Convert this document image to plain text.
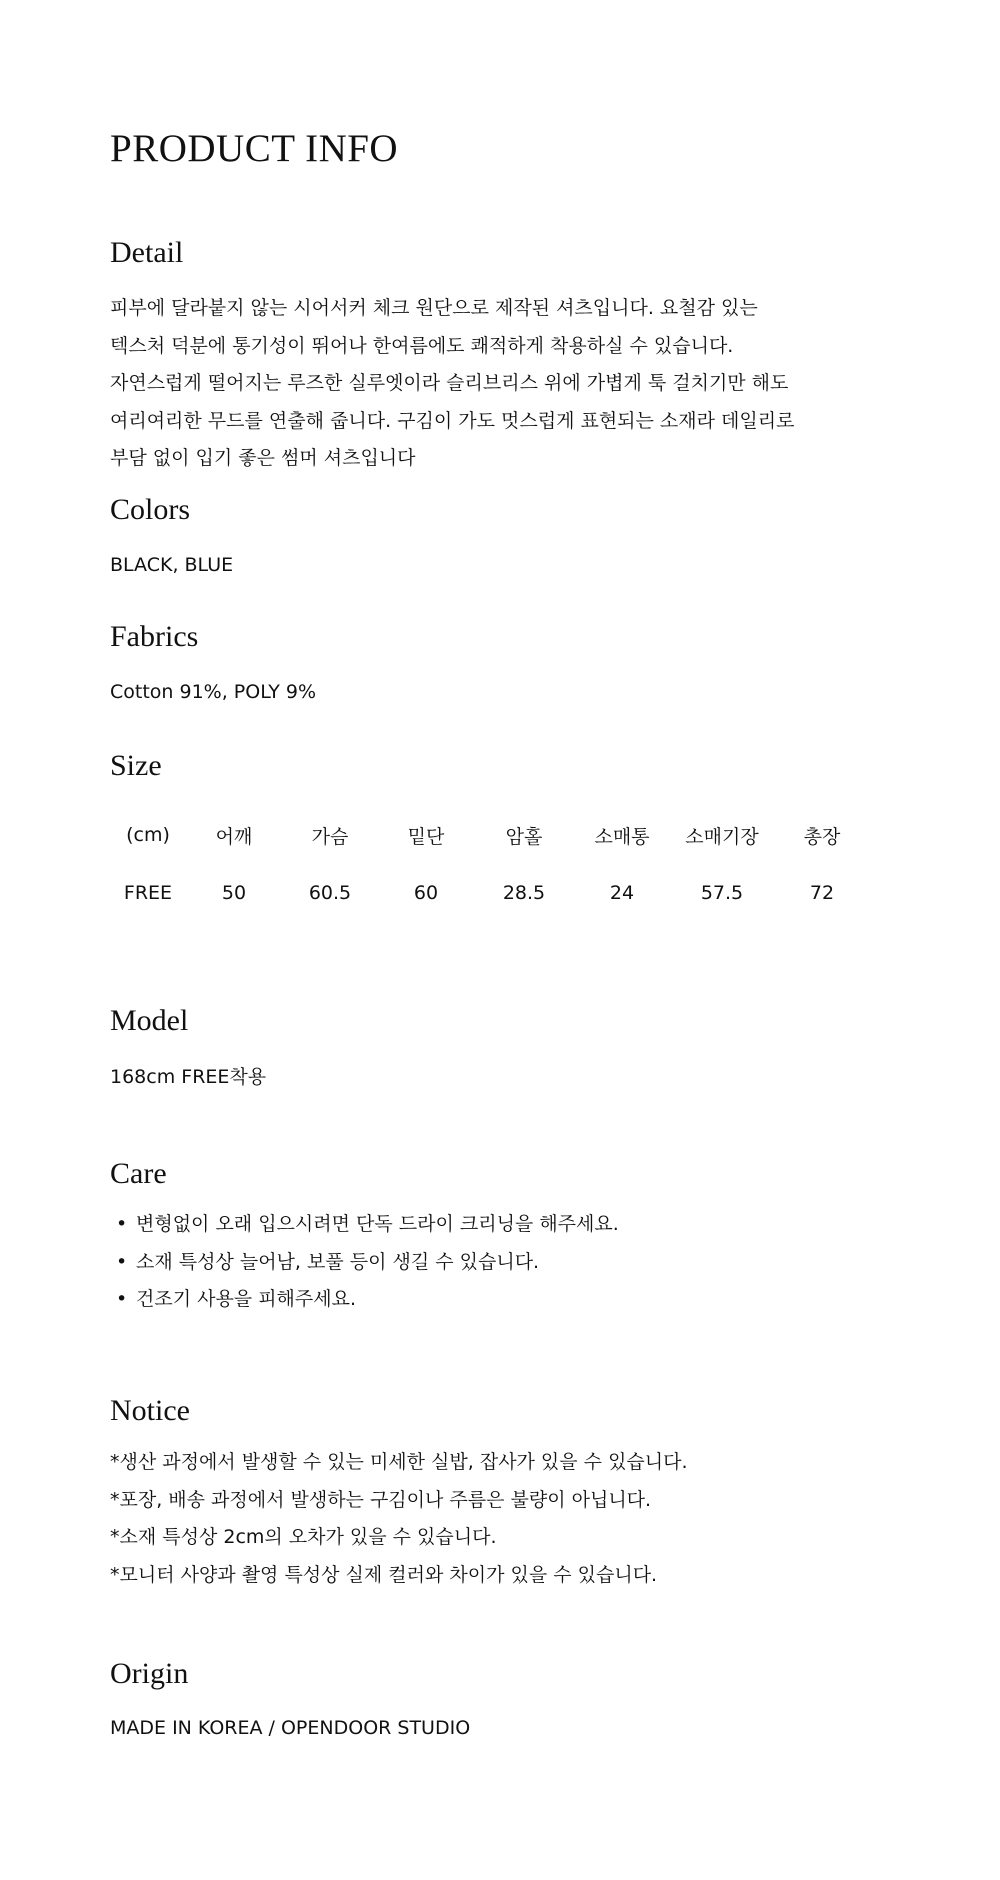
PRODUCT INFO
Detail
피부에 달라붙지 않는 시어서커 체크 원단으로 제작된 셔츠입니다. 요철감 있는
텍스처 덕분에 통기성이 뛰어나 한여름에도 쾌적하게 착용하실 수 있습니다.
자연스럽게 떨어지는 루즈한 실루엣이라 슬리브리스 위에 가볍게 툭 걸치기만 해도
여리여리한 무드를 연출해 줍니다. 구김이 가도 멋스럽게 표현되는 소재라 데일리로
부담 없이 입기 좋은 썸머 셔츠입니다
Colors
BLACK, BLUE
Fabrics
Cotton 91%, POLY 9%
Size
(cm)	어깨	가슴	밑단	암홀	소매통	소매기장	총장
FREE	50	60.5	60	28.5	24	57.5	72
Model
168cm FREE착용
Care
• 변형없이 오래 입으시려면 단독 드라이 크리닝을 해주세요.
• 소재 특성상 늘어남, 보풀 등이 생길 수 있습니다.
• 건조기 사용을 피해주세요.
Notice
*생산 과정에서 발생할 수 있는 미세한 실밥, 잡사가 있을 수 있습니다.
*포장, 배송 과정에서 발생하는 구김이나 주름은 불량이 아닙니다.
*소재 특성상 2cm의 오차가 있을 수 있습니다.
*모니터 사양과 촬영 특성상 실제 컬러와 차이가 있을 수 있습니다.
Origin
MADE IN KOREA / OPENDOOR STUDIO
